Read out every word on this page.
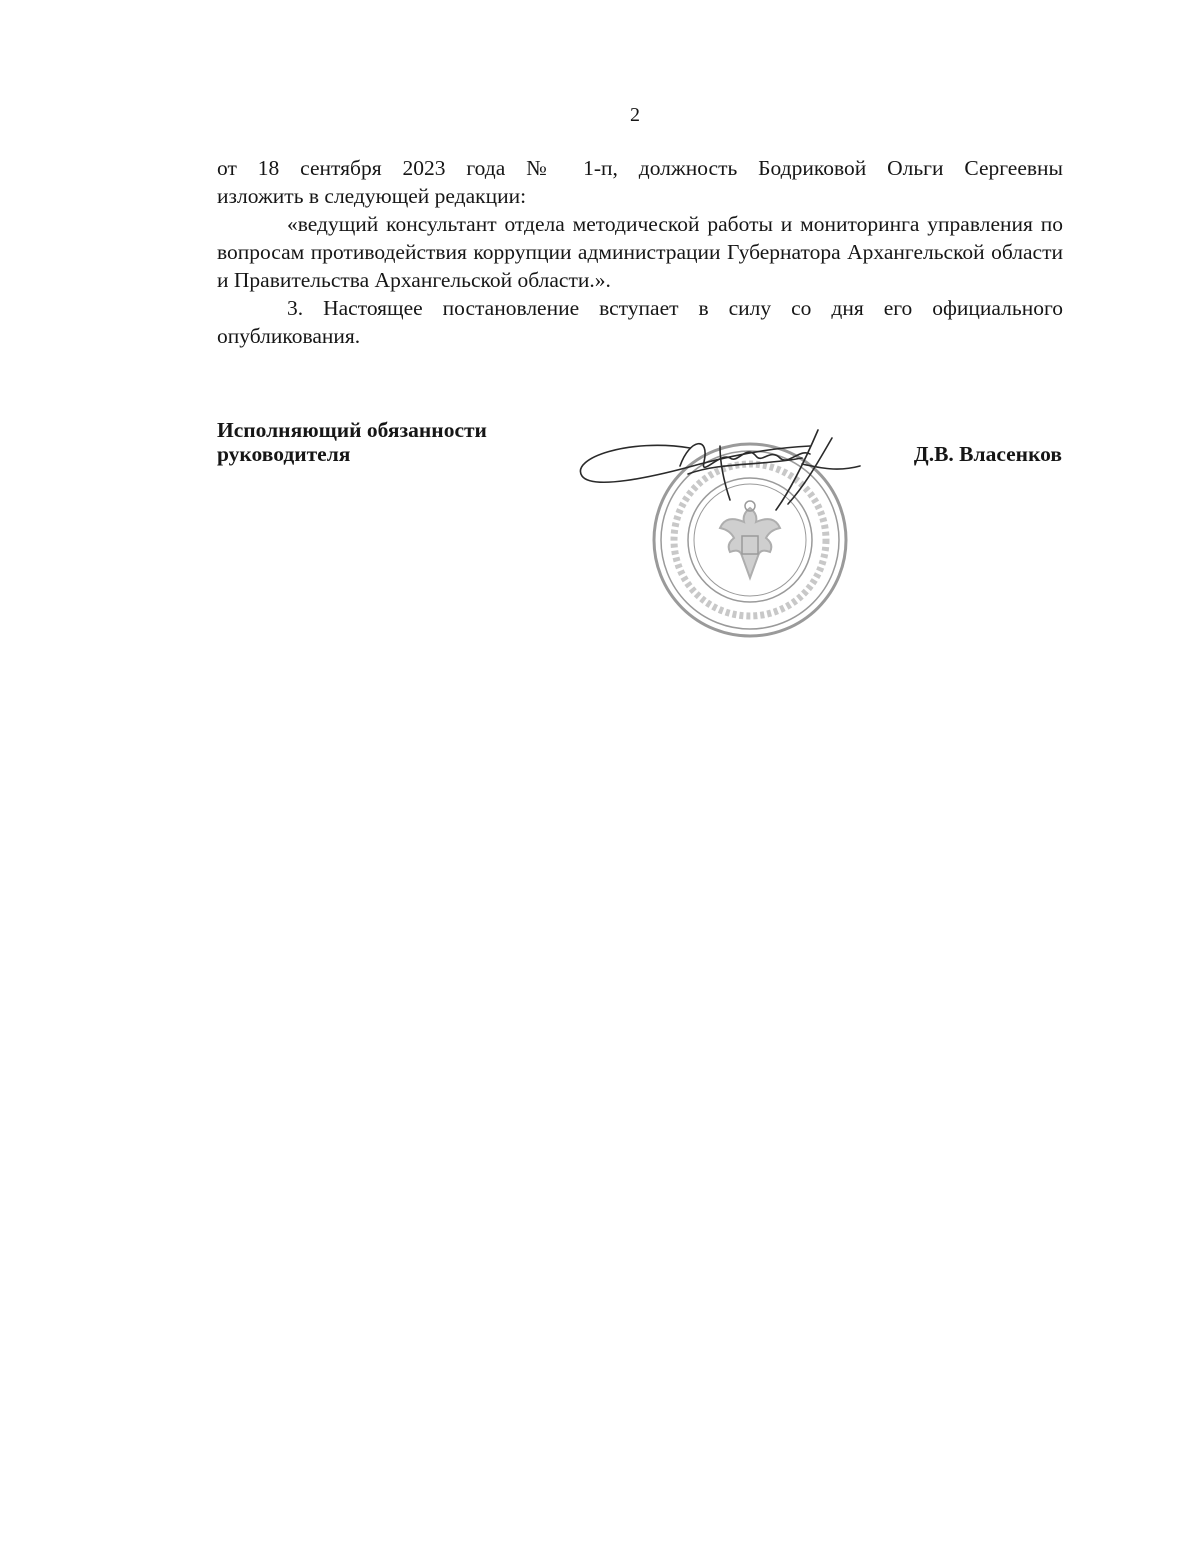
2

от 18 сентября 2023 года № 1-п, должность Бодриковой Ольги Сергеевны

изложить в следующей редакции:

«ведущий консультант отдела методической работы и мониторинга управления по вопросам противодействия коррупции администрации Губернатора Архангельской области и Правительства Архангельской области.».

3. Настоящее постановление вступает в силу со дня его официального опубликования.

Исполняющий обязанности
руководителя	Д.В. Власенков
